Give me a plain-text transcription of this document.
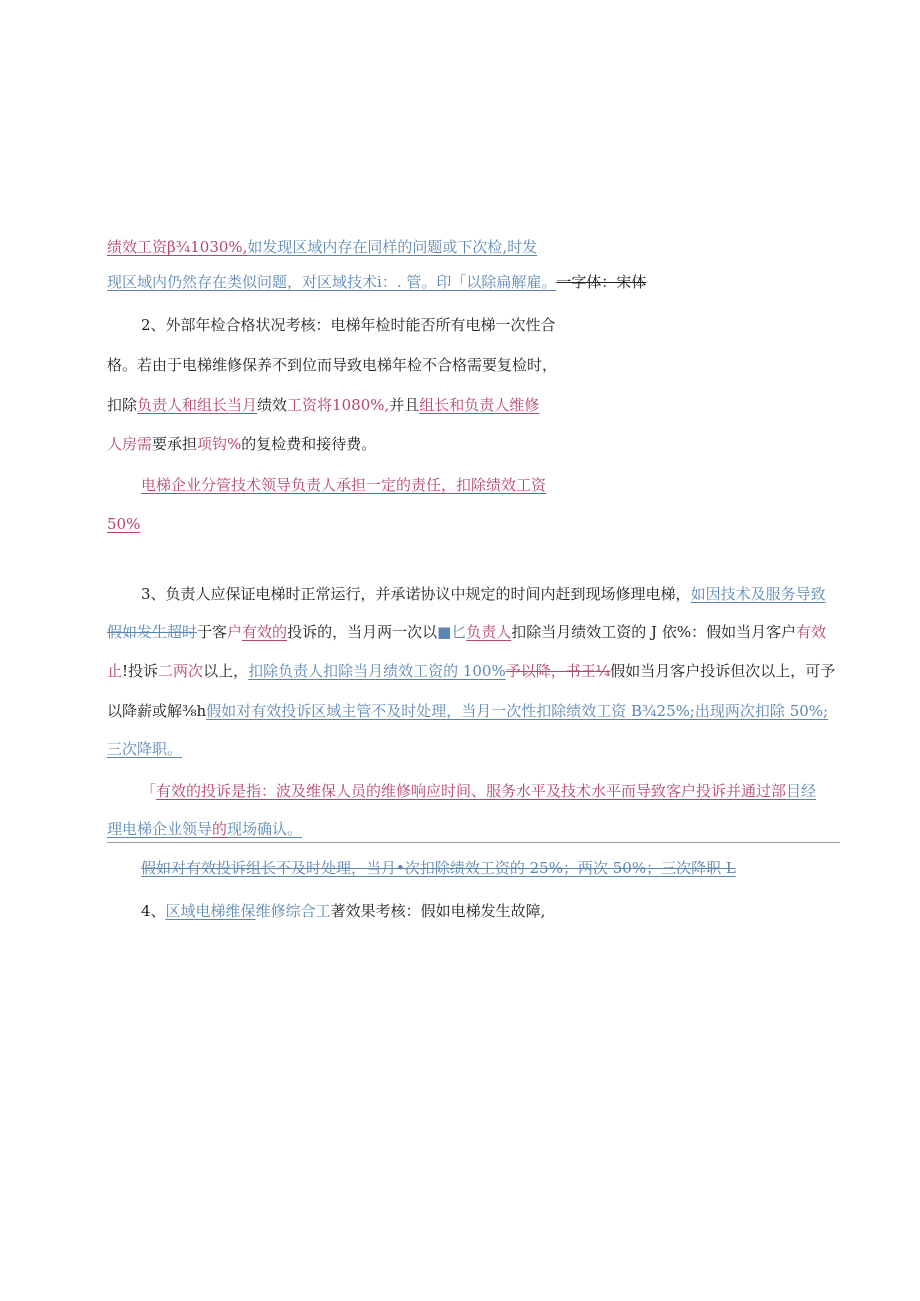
绩效工资β¾1030%,如发现区域内存在同样的问题或下次检,时发
现区域内仍然存在类似问题，对区域技术i：. 管。印「以除扁解雇。一字体：宋体
2、外部年检合格状况考核：电梯年检时能否所有电梯一次性合
格。若由于电梯维修保养不到位而导致电梯年检不合格需要复检时，
扣除负责人和组长当月绩效工资将1080%,并且组长和负责人维修
人房需要承担项钩%的复检费和接待费。
电梯企业分管技术领导负责人承担一定的责任，扣除绩效工资
50%
3、负责人应保证电梯时正常运行，并承诺协议中规定的时间内赶到现场修理电梯，如因技术及服务导致
假如发生超时于客户有效的投诉的，当月两一次以■匕负责人扣除当月绩效工资的 J 依%：假如当月客户有效
止!投诉二两次以上，扣除负责人扣除当月绩效工资的 100%予以降，书王¼假如当月客户投诉但次以上，可予
以降薪或解⅜h假如对有效投诉区域主管不及时处理，当月一次性扣除绩效工资 B¾25%;出现两次扣除 50%;
三次降职。
「有效的投诉是指：波及维保人员的维修响应时间、服务水平及技术水平而导致客户投诉并通过部目经
理电梯企业领导的现场确认。
假如对有效投诉组长不及时处理，当月•次扣除绩效工资的 25%；两次 50%；三次降职 L
4、区域电梯维保维修综合工著效果考核：假如电梯发生故障,
